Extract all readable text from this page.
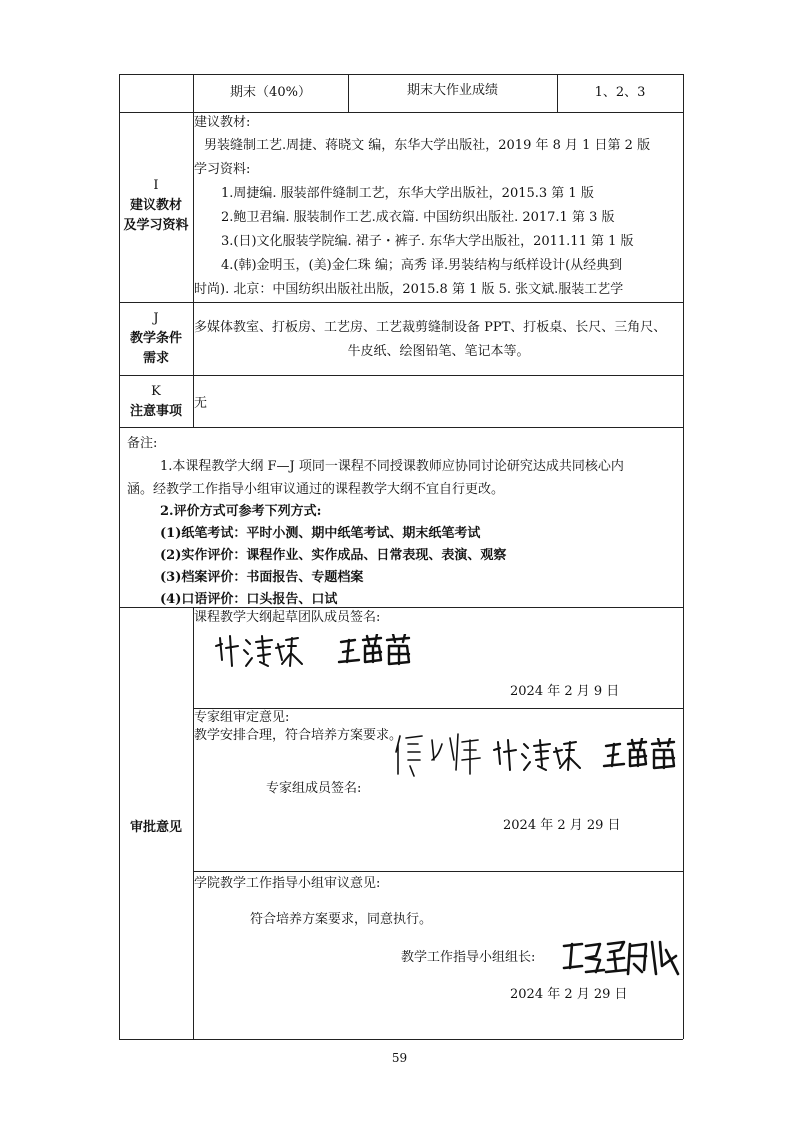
期末（40%）	期末大作业成绩	1、2、3
I
建议教材
及学习资料
建议教材:
男装缝制工艺.周捷、蒋晓文 编，东华大学出版社，2019 年 8 月 1 日第 2 版
学习资料:
1.周捷编. 服装部件缝制工艺，东华大学出版社，2015.3 第 1 版
2.鲍卫君编. 服装制作工艺.成衣篇. 中国纺织出版社. 2017.1 第 3 版
3.(日)文化服装学院编. 裙子・裤子. 东华大学出版社，2011.11 第 1 版
4.(韩)金明玉，(美)金仁珠 编；高秀 译.男装结构与纸样设计(从经典到
时尚). 北京：中国纺织出版社出版，2015.8 第 1 版 5. 张文斌.服装工艺学
J
教学条件
需求
多媒体教室、打板房、工艺房、工艺裁剪缝制设备 PPT、打板桌、长尺、三角尺、
牛皮纸、绘图铅笔、笔记本等。
K
注意事项
无
备注:
1.本课程教学大纲 F—J 项同一课程不同授课教师应协同讨论研究达成共同核心内
涵。经教学工作指导小组审议通过的课程教学大纲不宜自行更改。
2.评价方式可参考下列方式:
(1)纸笔考试：平时小测、期中纸笔考试、期末纸笔考试
(2)实作评价：课程作业、实作成品、日常表现、表演、观察
(3)档案评价：书面报告、专题档案
(4)口语评价：口头报告、口试
审批意见
课程教学大纲起草团队成员签名:
2024 年 2 月 9 日
专家组审定意见:
教学安排合理，符合培养方案要求。
专家组成员签名:
2024 年 2 月 29 日
学院教学工作指导小组审议意见:
符合培养方案要求，同意执行。
教学工作指导小组组长:
2024 年 2 月 29 日
59
